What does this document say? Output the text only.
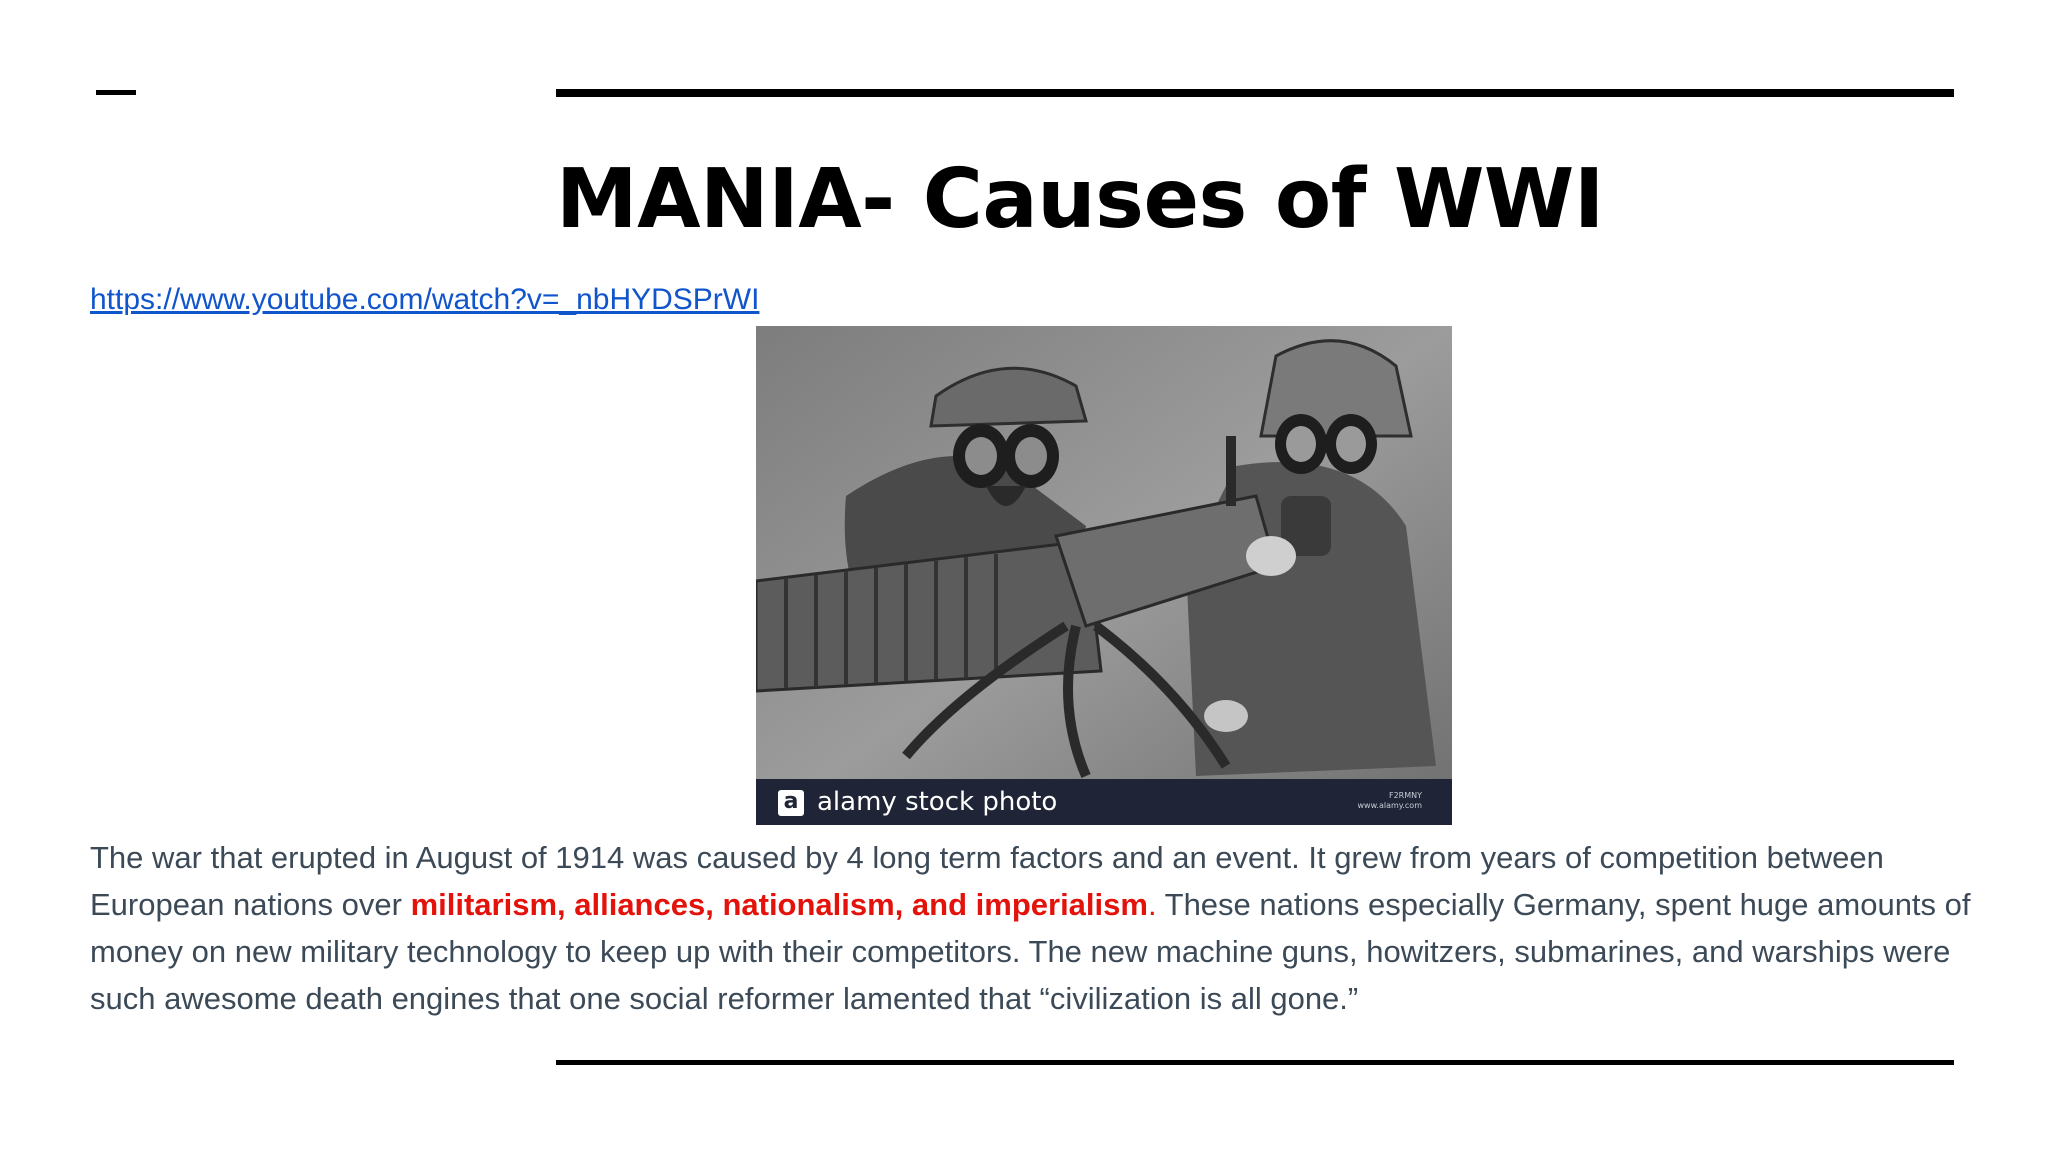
MANIA- Causes of WWI
https://www.youtube.com/watch?v=_nbHYDSPrWI
a alamy stock photo	F2RMNY
www.alamy.com

The war that erupted in August of 1914 was caused by 4 long term factors and an event. It grew from years of competition between European nations over militarism, alliances, nationalism, and imperialism. These nations especially Germany, spent huge amounts of money on new military technology to keep up with their competitors. The new machine guns, howitzers, submarines, and warships were such awesome death engines that one social reformer lamented that “civilization is all gone.”
